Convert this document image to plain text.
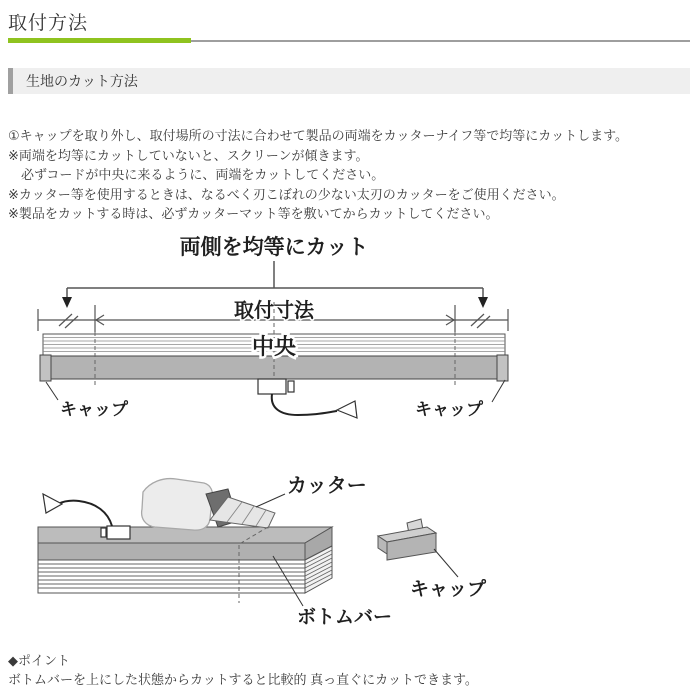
取付方法
生地のカット方法
①キャップを取り外し、取付場所の寸法に合わせて製品の両端をカッターナイフ等で均等にカットします。
※両端を均等にカットしていないと、スクリーンが傾きます。
　必ずコードが中央に来るように、両端をカットしてください。
※カッター等を使用するときは、なるべく刃こぼれの少ない太刃のカッターをご使用ください。
※製品をカットする時は、必ずカッターマット等を敷いてからカットしてください。
両側を均等にカット
取付寸法
中央
キャップ	キャップ
カッター
キャップ
ボトムバー
◆ポイント
ボトムバーを上にした状態からカットすると比較的 真っ直ぐにカットできます。
